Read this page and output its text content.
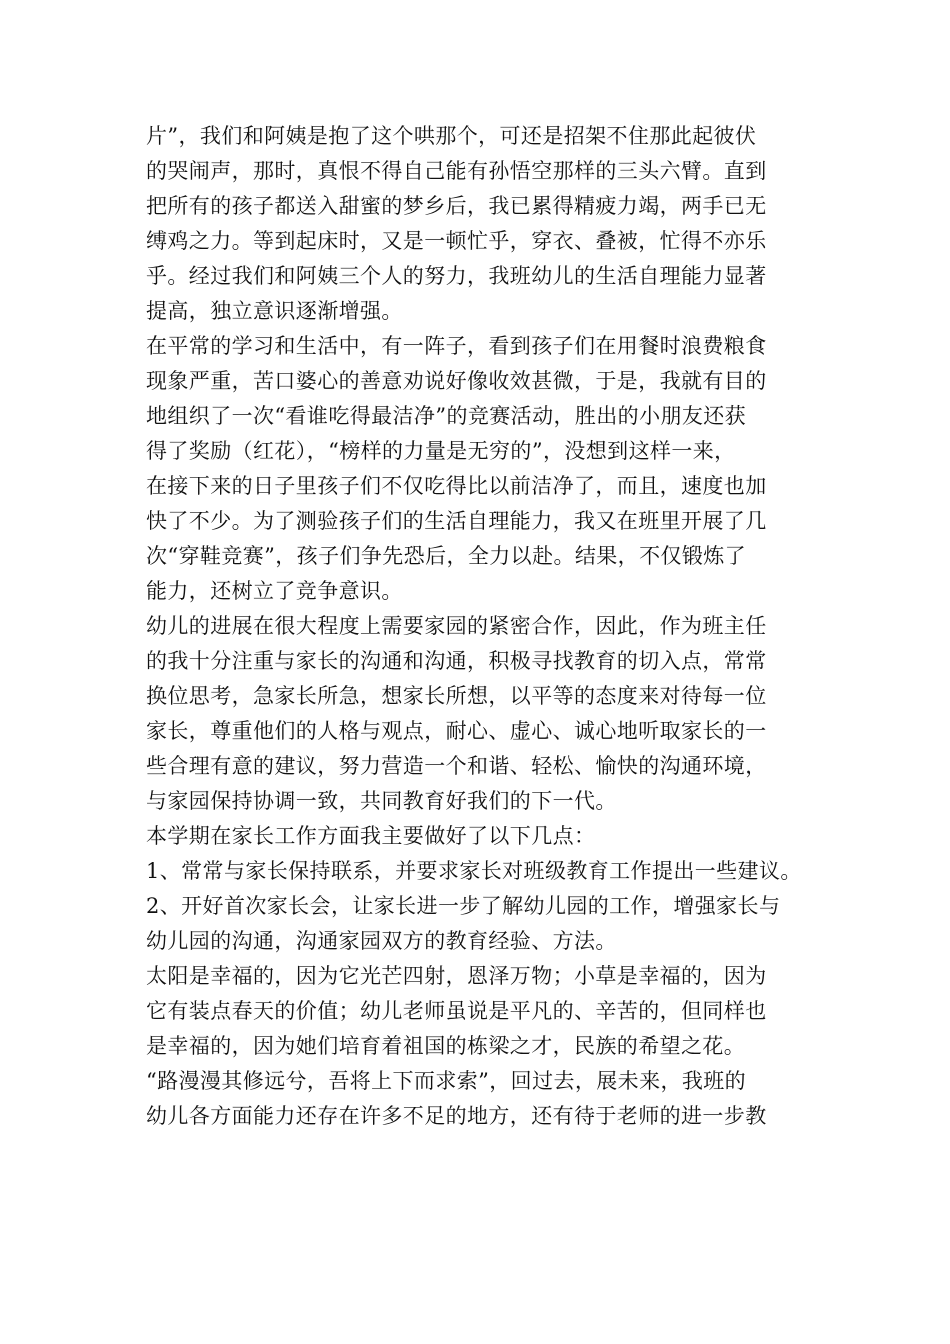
片”，我们和阿姨是抱了这个哄那个，可还是招架不住那此起彼伏
的哭闹声，那时，真恨不得自己能有孙悟空那样的三头六臂。直到
把所有的孩子都送入甜蜜的梦乡后，我已累得精疲力竭，两手已无
缚鸡之力。等到起床时，又是一顿忙乎，穿衣、叠被，忙得不亦乐
乎。经过我们和阿姨三个人的努力，我班幼儿的生活自理能力显著
提高，独立意识逐渐增强。
在平常的学习和生活中，有一阵子，看到孩子们在用餐时浪费粮食
现象严重，苦口婆心的善意劝说好像收效甚微，于是，我就有目的
地组织了一次“看谁吃得最洁净”的竞赛活动，胜出的小朋友还获
得了奖励（红花），“榜样的力量是无穷的”，没想到这样一来，
在接下来的日子里孩子们不仅吃得比以前洁净了，而且，速度也加
快了不少。为了测验孩子们的生活自理能力，我又在班里开展了几
次“穿鞋竞赛”，孩子们争先恐后，全力以赴。结果，不仅锻炼了
能力，还树立了竞争意识。
幼儿的进展在很大程度上需要家园的紧密合作，因此，作为班主任
的我十分注重与家长的沟通和沟通，积极寻找教育的切入点，常常
换位思考，急家长所急，想家长所想，以平等的态度来对待每一位
家长，尊重他们的人格与观点，耐心、虚心、诚心地听取家长的一
些合理有意的建议，努力营造一个和谐、轻松、愉快的沟通环境，
与家园保持协调一致，共同教育好我们的下一代。
本学期在家长工作方面我主要做好了以下几点：
1、常常与家长保持联系，并要求家长对班级教育工作提出一些建议。
2、开好首次家长会，让家长进一步了解幼儿园的工作，增强家长与
幼儿园的沟通，沟通家园双方的教育经验、方法。
太阳是幸福的，因为它光芒四射，恩泽万物；小草是幸福的，因为
它有装点春天的价值；幼儿老师虽说是平凡的、辛苦的，但同样也
是幸福的，因为她们培育着祖国的栋梁之才，民族的希望之花。
“路漫漫其修远兮，吾将上下而求索”，回过去，展未来，我班的
幼儿各方面能力还存在许多不足的地方，还有待于老师的进一步教
